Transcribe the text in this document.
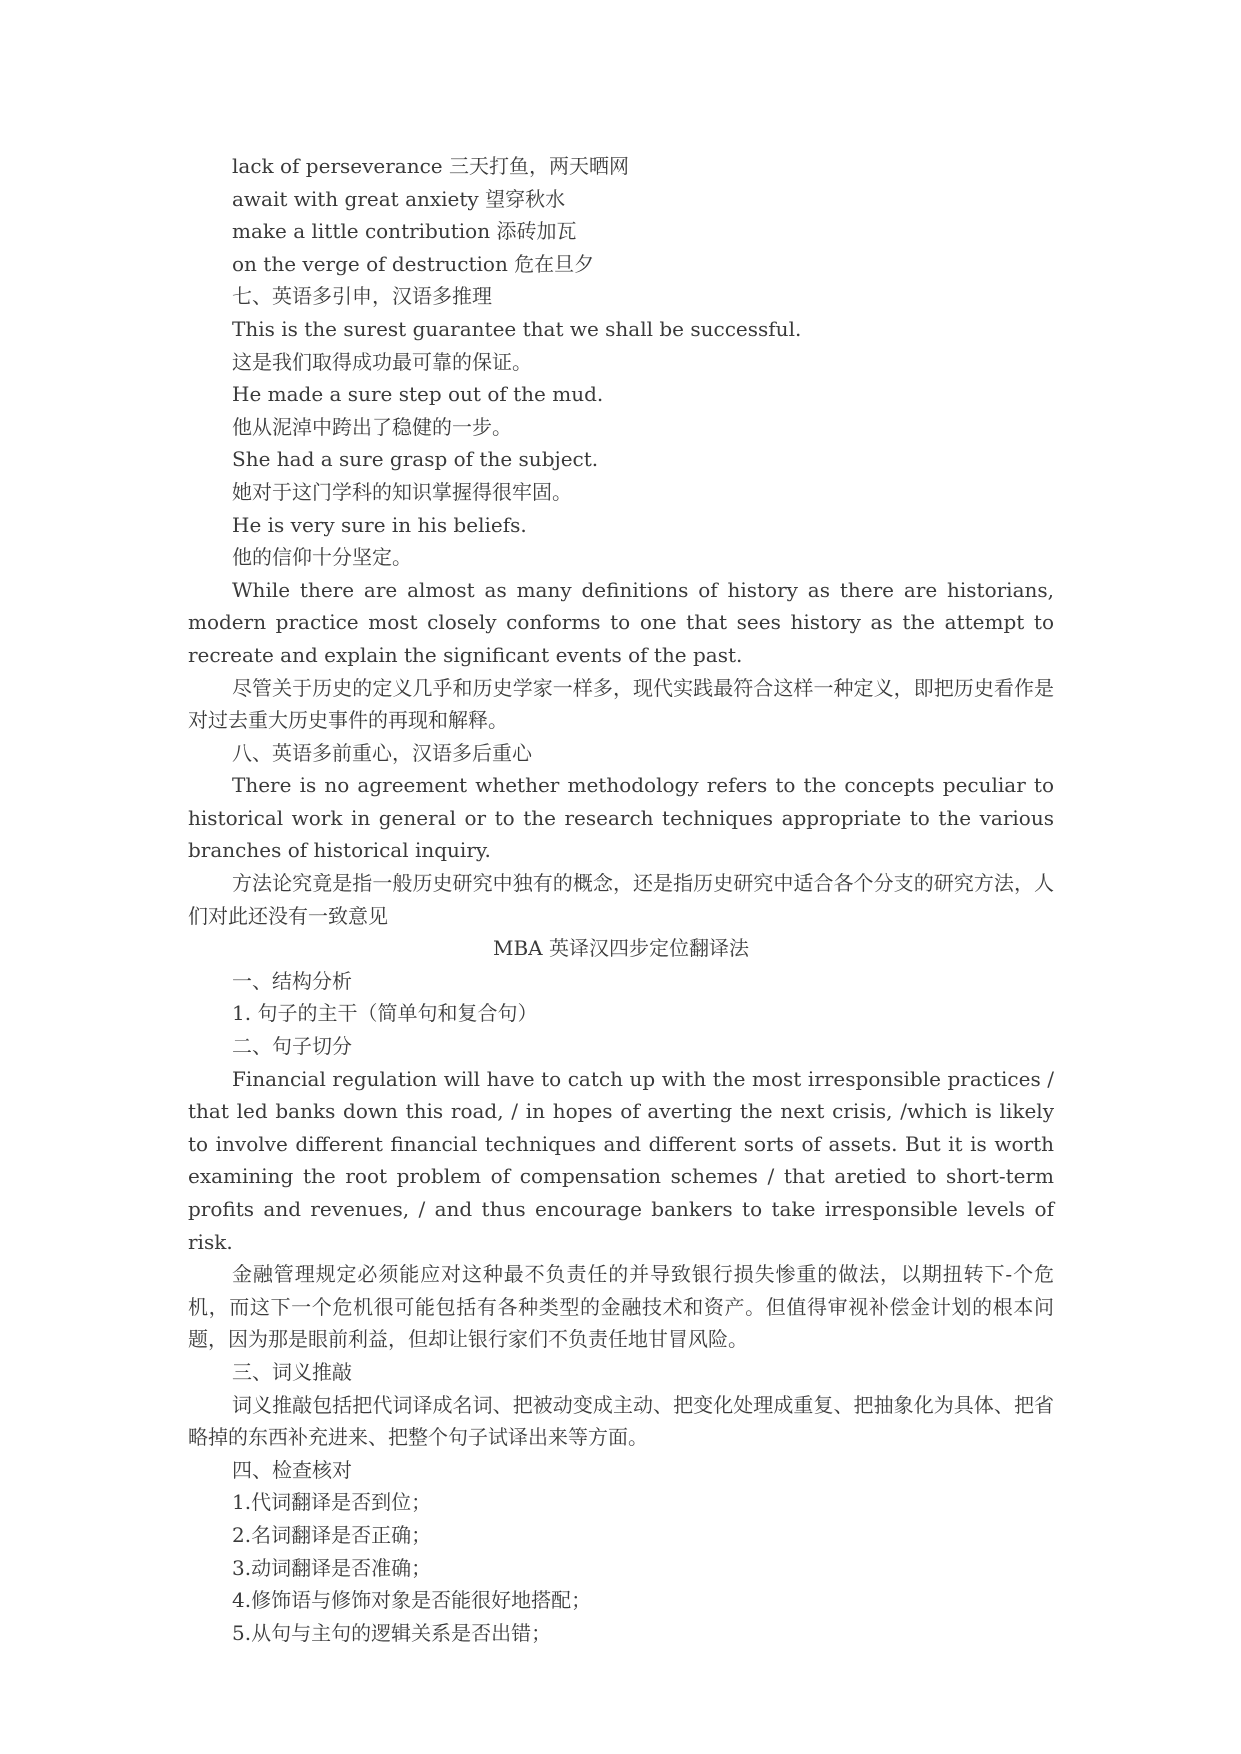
lack of perseverance 三天打鱼，两天晒网

await with great anxiety 望穿秋水

make a little contribution 添砖加瓦

on the verge of destruction 危在旦夕

七、英语多引申，汉语多推理

This is the surest guarantee that we shall be successful.

这是我们取得成功最可靠的保证。

He made a sure step out of the mud.

他从泥淖中跨出了稳健的一步。

She had a sure grasp of the subject.

她对于这门学科的知识掌握得很牢固。

He is very sure in his beliefs.

他的信仰十分坚定。

While there are almost as many definitions of history as there are historians, modern practice most closely conforms to one that sees history as the attempt to recreate and explain the significant events of the past.

尽管关于历史的定义几乎和历史学家一样多，现代实践最符合这样一种定义，即把历史看作是对过去重大历史事件的再现和解释。

八、英语多前重心，汉语多后重心

There is no agreement whether methodology refers to the concepts peculiar to historical work in general or to the research techniques appropriate to the various branches of historical inquiry.

方法论究竟是指一般历史研究中独有的概念，还是指历史研究中适合各个分支的研究方法，人们对此还没有一致意见

MBA 英译汉四步定位翻译法

一、结构分析

1. 句子的主干（简单句和复合句）

二、句子切分

Financial regulation will have to catch up with the most irresponsible practices / that led banks down this road, / in hopes of averting the next crisis, /which is likely to involve different financial techniques and different sorts of assets. But it is worth examining the root problem of compensation schemes / that aretied to short-term profits and revenues, / and thus encourage bankers to take irresponsible levels of risk.

金融管理规定必须能应对这种最不负责任的并导致银行损失惨重的做法，以期扭转下-个危机，而这下一个危机很可能包括有各种类型的金融技术和资产。但值得审视补偿金计划的根本问题，因为那是眼前利益，但却让银行家们不负责任地甘冒风险。

三、词义推敲

词义推敲包括把代词译成名词、把被动变成主动、把变化处理成重复、把抽象化为具体、把省略掉的东西补充进来、把整个句子试译出来等方面。

四、检查核对

1.代词翻译是否到位；

2.名词翻译是否正确；

3.动词翻译是否准确；

4.修饰语与修饰对象是否能很好地搭配；

5.从句与主句的逻辑关系是否出错；
